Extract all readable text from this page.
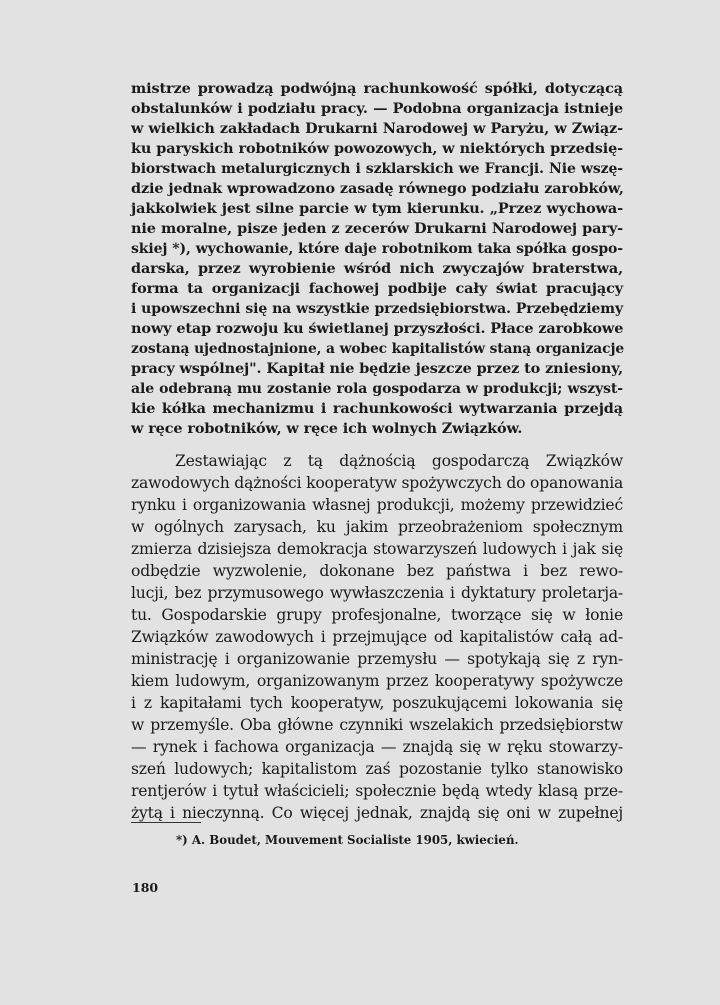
mistrze prowadzą podwójną rachunkowość spółki, dotyczącą
obstalunków i podziału pracy. — Podobna organizacja istnieje
w wielkich zakładach Drukarni Narodowej w Paryżu, w Związ-
ku paryskich robotników powozowych, w niektórych przedsię-
biorstwach metalurgicznych i szklarskich we Francji. Nie wszę-
dzie jednak wprowadzono zasadę równego podziału zarobków,
jakkolwiek jest silne parcie w tym kierunku. „Przez wychowa-
nie moralne, pisze jeden z zecerów Drukarni Narodowej pary-
skiej *), wychowanie, które daje robotnikom taka spółka gospo-
darska, przez wyrobienie wśród nich zwyczajów braterstwa,
forma ta organizacji fachowej podbije cały świat pracujący
i upowszechni się na wszystkie przedsiębiorstwa. Przebędziemy
nowy etap rozwoju ku świetlanej przyszłości. Płace zarobkowe
zostaną ujednostajnione, a wobec kapitalistów staną organizacje
pracy wspólnej". Kapitał nie będzie jeszcze przez to zniesiony,
ale odebraną mu zostanie rola gospodarza w produkcji; wszyst-
kie kółka mechanizmu i rachunkowości wytwarzania przejdą
w ręce robotników, w ręce ich wolnych Związków.
Zestawiając z tą dążnością gospodarczą Związków
zawodowych dążności kooperatyw spożywczych do opanowania
rynku i organizowania własnej produkcji, możemy przewidzieć
w ogólnych zarysach, ku jakim przeobrażeniom społecznym
zmierza dzisiejsza demokracja stowarzyszeń ludowych i jak się
odbędzie wyzwolenie, dokonane bez państwa i bez rewo-
lucji, bez przymusowego wywłaszczenia i dyktatury proletarja-
tu. Gospodarskie grupy profesjonalne, tworzące się w łonie
Związków zawodowych i przejmujące od kapitalistów całą ad-
ministrację i organizowanie przemysłu — spotykają się z ryn-
kiem ludowym, organizowanym przez kooperatywy spożywcze
i z kapitałami tych kooperatyw, poszukującemi lokowania się
w przemyśle. Oba główne czynniki wszelakich przedsiębiorstw
— rynek i fachowa organizacja — znajdą się w ręku stowarzy-
szeń ludowych; kapitalistom zaś pozostanie tylko stanowisko
rentjerów i tytuł właścicieli; społecznie będą wtedy klasą prze-
żytą i nieczynną. Co więcej jednak, znajdą się oni w zupełnej
*) A. Boudet, Mouvement Socialiste 1905, kwiecień.
180
